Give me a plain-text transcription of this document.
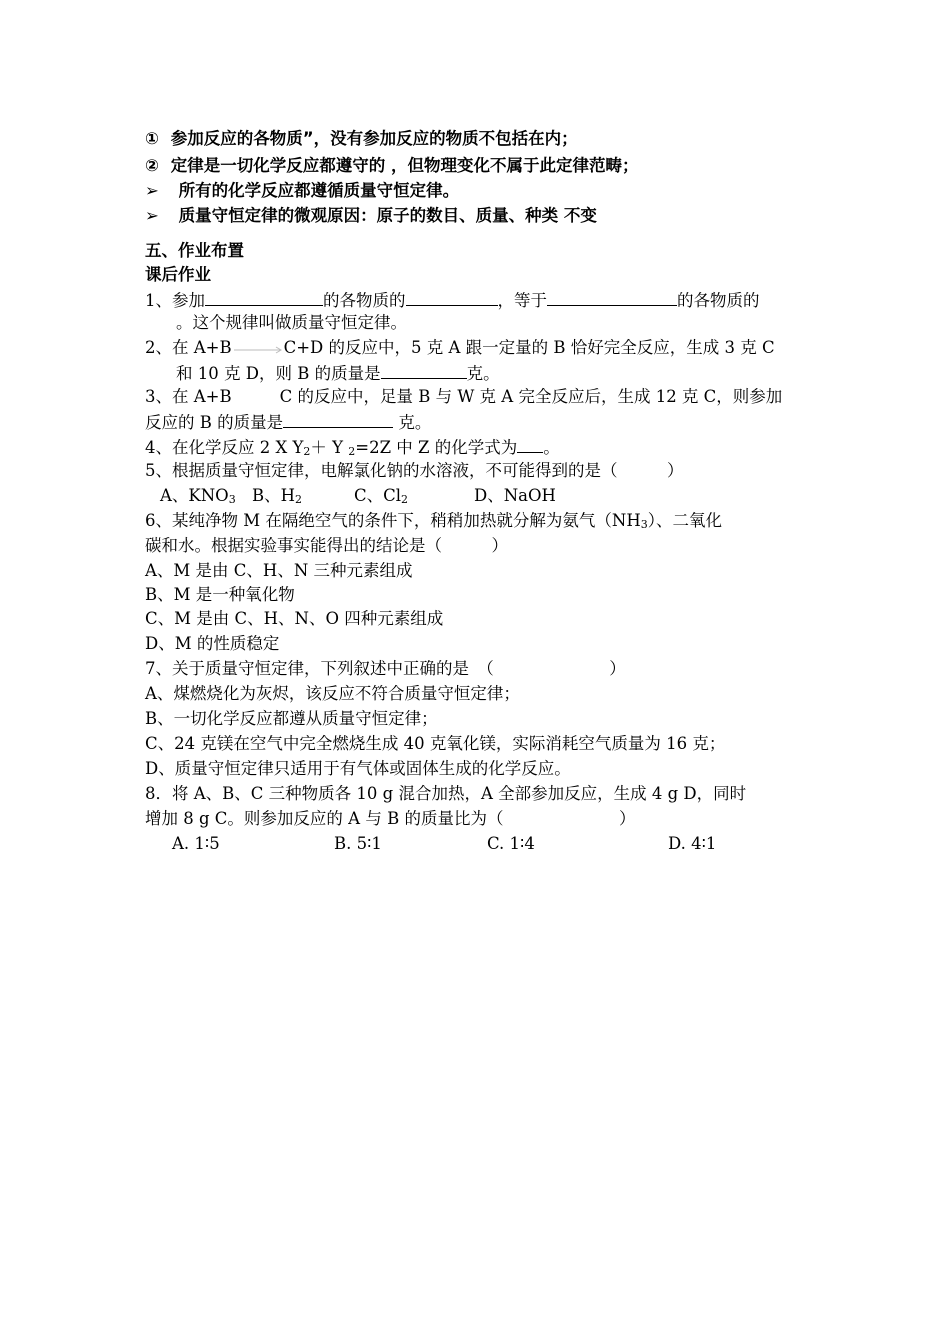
① 参加反应的各物质”，没有参加反应的物质不包括在内；
② 定律是一切化学反应都遵守的 ，但物理变化不属于此定律范畴；
➢ 所有的化学反应都遵循质量守恒定律。
➢ 质量守恒定律的微观原因：原子的数目、质量、种类 不变
五、作业布置
课后作业
1、参加	的各物质的	，等于	的各物质的
。这个规律叫做质量守恒定律。
2、在 A+B→C+D 的反应中，5 克 A 跟一定量的 B 恰好完全反应，生成 3 克 C
和 10 克 D，则 B 的质量是	克。
3、在 A+B	C 的反应中，足量 B 与 W 克 A 完全反应后，生成 12 克 C，则参加
反应的 B 的质量是	克。
4、在化学反应 2 X $Y_2+ Y$ $_2$=2Z 中 Z 的化学式为 。
5、根据质量守恒定律，电解氯化钠的水溶液，不可能得到的是（　　　）
A、$KNO_3$ B、$H_2$	C、$Cl_2$	D、NaOH
6、某纯净物 M 在隔绝空气的条件下，稍稍加热就分解为氨气$(NH_3)$、二氧化
碳和水。根据实验事实能得出的结论是（　　　）
A、M 是由 C、H、N 三种元素组成
B、M 是一种氧化物
C、M 是由 C、H、N、O 四种元素组成
D、M 的性质稳定
7、关于质量守恒定律，下列叙述中正确的是　（　　　　　　　）
A、煤燃烧化为灰烬，该反应不符合质量守恒定律；
B、一切化学反应都遵从质量守恒定律；
C、24 克镁在空气中完全燃烧生成 40 克氧化镁，实际消耗空气质量为 16 克；
D、质量守恒定律只适用于有气体或固体生成的化学反应。
8．将 A、B、C 三种物质各 10 g 混合加热，A 全部参加反应，生成 4 g D，同时
增加 8 g C。则参加反应的 A 与 B 的质量比为（　　　　　　　）
A. 1∶5	B. 5∶1	C. 1∶4	D. 4∶1
